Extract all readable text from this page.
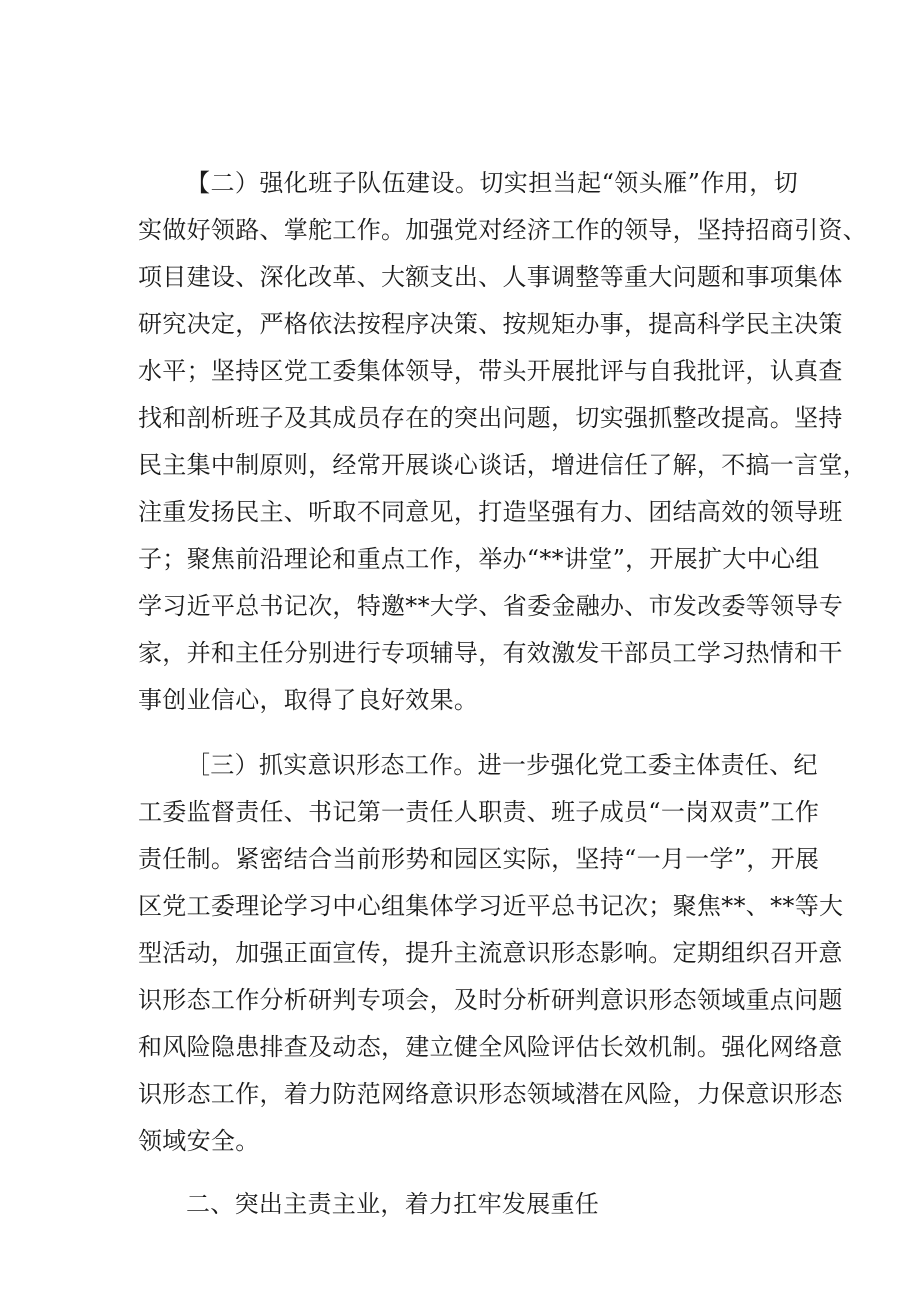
【二）强化班子队伍建设。切实担当起“领头雁”作用，切
实做好领路、掌舵工作。加强党对经济工作的领导，坚持招商引资、
项目建设、深化改革、大额支出、人事调整等重大问题和事项集体
研究决定，严格依法按程序决策、按规矩办事，提高科学民主决策
水平；坚持区党工委集体领导，带头开展批评与自我批评，认真查
找和剖析班子及其成员存在的突出问题，切实强抓整改提高。坚持
民主集中制原则，经常开展谈心谈话，增进信任了解，不搞一言堂，
注重发扬民主、听取不同意见，打造坚强有力、团结高效的领导班
子；聚焦前沿理论和重点工作，举办“**讲堂”，开展扩大中心组
学习近平总书记次，特邀**大学、省委金融办、市发改委等领导专
家，并和主任分别进行专项辅导，有效激发干部员工学习热情和干
事创业信心，取得了良好效果。
［三）抓实意识形态工作。进一步强化党工委主体责任、纪
工委监督责任、书记第一责任人职责、班子成员“一岗双责”工作
责任制。紧密结合当前形势和园区实际，坚持“一月一学”，开展
区党工委理论学习中心组集体学习近平总书记次；聚焦**、**等大
型活动，加强正面宣传，提升主流意识形态影响。定期组织召开意
识形态工作分析研判专项会，及时分析研判意识形态领域重点问题
和风险隐患排查及动态，建立健全风险评估长效机制。强化网络意
识形态工作，着力防范网络意识形态领域潜在风险，力保意识形态
领域安全。
二、突出主责主业，着力扛牢发展重任
